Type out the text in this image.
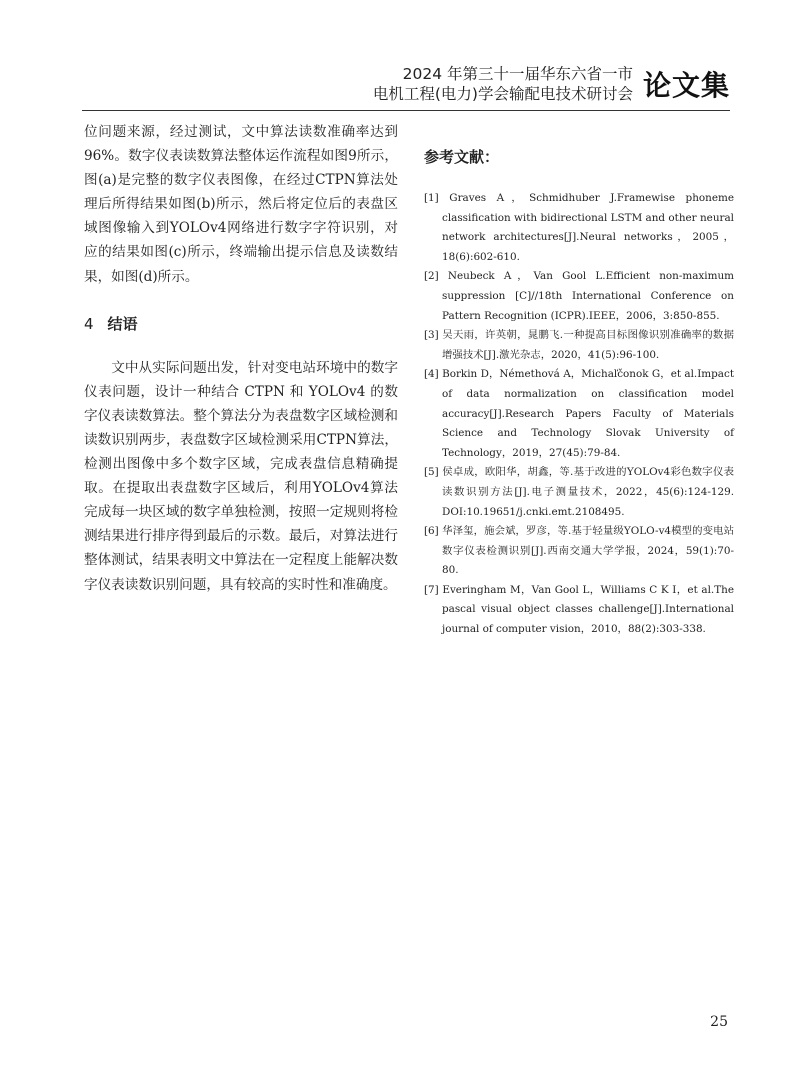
2024 年第三十一届华东六省一市
电机工程(电力)学会输配电技术研讨会 论文集

位问题来源，经过测试，文中算法读数准确率达到96%。数字仪表读数算法整体运作流程如图9所示，图(a)是完整的数字仪表图像，在经过CTPN算法处理后所得结果如图(b)所示，然后将定位后的表盘区域图像输入到YOLOv4网络进行数字字符识别，对应的结果如图(c)所示，终端输出提示信息及读数结果，如图(d)所示。

4 结语

文中从实际问题出发，针对变电站环境中的数字仪表问题，设计一种结合 CTPN 和 YOLOv4 的数字仪表读数算法。整个算法分为表盘数字区域检测和读数识别两步，表盘数字区域检测采用CTPN算法，检测出图像中多个数字区域，完成表盘信息精确提取。在提取出表盘数字区域后，利用YOLOv4算法完成每一块区域的数字单独检测，按照一定规则将检测结果进行排序得到最后的示数。最后，对算法进行整体测试，结果表明文中算法在一定程度上能解决数字仪表读数识别问题，具有较高的实时性和准确度。

参考文献：

[1] Graves A，Schmidhuber J.Framewise phoneme classification with bidirectional LSTM and other neural network architectures[J].Neural networks，2005，18(6):602-610.

[2] Neubeck A，Van Gool L.Efficient non-maximum suppression [C]//18th International Conference on Pattern Recognition (ICPR).IEEE，2006，3:850-855.

[3] 吴天雨，许英朝，晁鹏飞.一种提高目标图像识别准确率的数据增强技术[J].激光杂志，2020，41(5):96-100.

[4] Borkin D，Némethová A，Michaľčonok G，et al.Impact of data normalization on classification model accuracy[J].Research Papers Faculty of Materials Science and Technology Slovak University of Technology，2019，27(45):79-84.

[5] 侯卓成，欧阳华，胡鑫，等.基于改进的YOLOv4彩色数字仪表读数识别方法[J].电子测量技术，2022，45(6):124-129. DOI:10.19651/j.cnki.emt.2108495.

[6] 华泽玺，施会斌，罗彦，等.基于轻量级YOLO-v4模型的变电站数字仪表检测识别[J].西南交通大学学报，2024，59(1):70-80.

[7] Everingham M，Van Gool L，Williams C K I，et al.The pascal visual object classes challenge[J].International journal of computer vision，2010，88(2):303-338.

25
